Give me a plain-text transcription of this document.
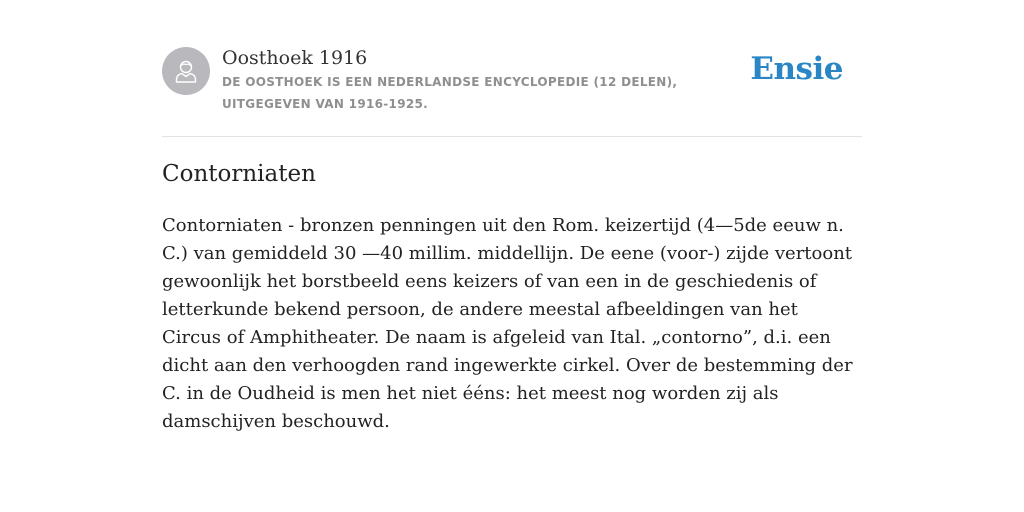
Oosthoek 1916

DE OOSTHOEK IS EEN NEDERLANDSE ENCYCLOPEDIE (12 DELEN), UITGEGEVEN VAN 1916-1925.

Ensie

Contorniaten

Contorniaten - bronzen penningen uit den Rom. keizertijd (4—5de eeuw n. C.) van gemiddeld 30 —40 millim. middellijn. De eene (voor-) zijde vertoont gewoonlijk het borstbeeld eens keizers of van een in de geschiedenis of letterkunde bekend persoon, de andere meestal afbeeldingen van het Circus of Amphitheater. De naam is afgeleid van Ital. „contorno”, d.i. een dicht aan den verhoogden rand ingewerkte cirkel. Over de bestemming der C. in de Oudheid is men het niet ééns: het meest nog worden zij als damschijven beschouwd.
